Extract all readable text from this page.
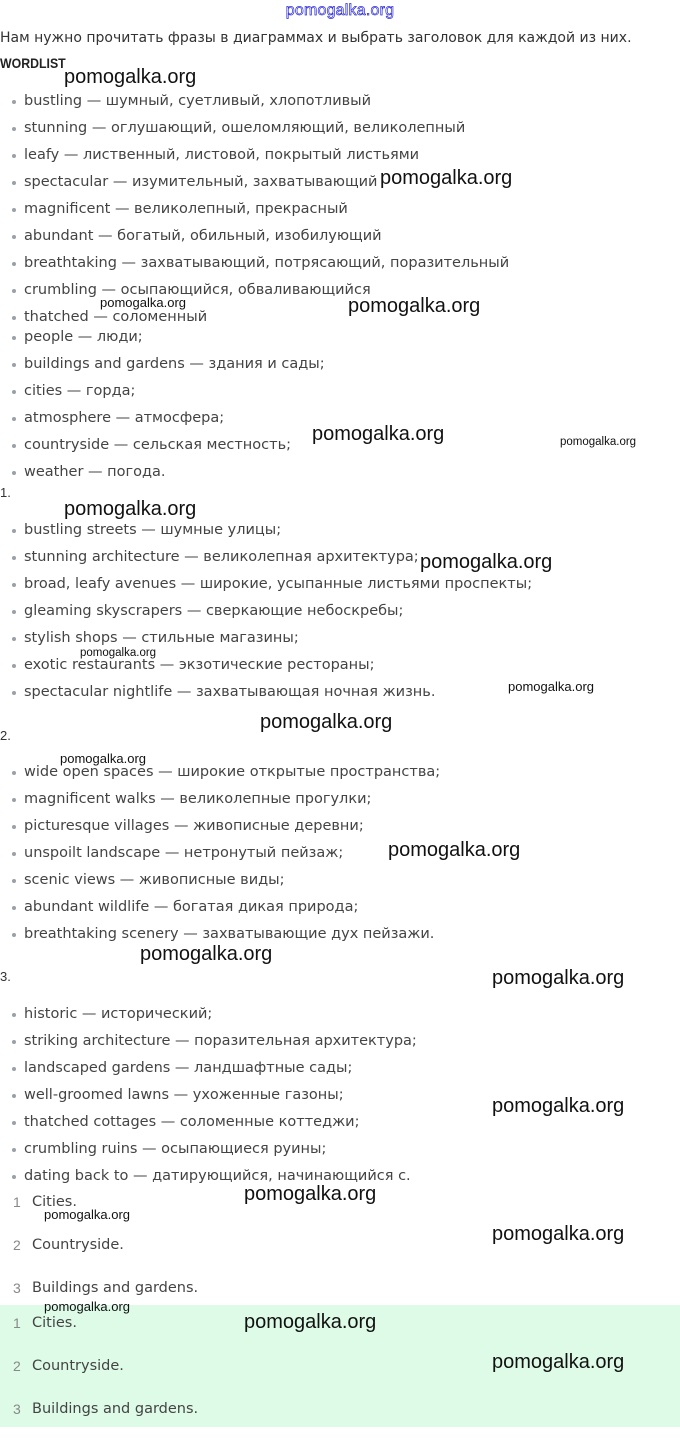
pomogalka.org
Нам нужно прочитать фразы в диаграммах и выбрать заголовок для каждой из них.
WORDLIST
bustling — шумный, суетливый, хлопотливый
stunning — оглушающий, ошеломляющий, великолепный
leafy — лиственный, листовой, покрытый листьями
spectacular — изумительный, захватывающий
magnificent — великолепный, прекрасный
abundant — богатый, обильный, изобилующий
breathtaking — захватывающий, потрясающий, поразительный
crumbling — осыпающийся, обваливающийся
thatched — соломенный
people — люди;
buildings and gardens — здания и сады;
cities — горда;
atmosphere — атмосфера;
countryside — сельская местность;
weather — погода.
1.
bustling streets — шумные улицы;
stunning architecture — великолепная архитектура;
broad, leafy avenues — широкие, усыпанные листьями проспекты;
gleaming skyscrapers — сверкающие небоскребы;
stylish shops — стильные магазины;
exotic restaurants — экзотические рестораны;
spectacular nightlife — захватывающая ночная жизнь.
2.
wide open spaces — широкие открытые пространства;
magnificent walks — великолепные прогулки;
picturesque villages — живописные деревни;
unspoilt landscape — нетронутый пейзаж;
scenic views — живописные виды;
abundant wildlife — богатая дикая природа;
breathtaking scenery — захватывающие дух пейзажи.
3.
historic — исторический;
striking architecture — поразительная архитектура;
landscaped gardens — ландшафтные сады;
well-groomed lawns — ухоженные газоны;
thatched cottages — соломенные коттеджи;
crumbling ruins — осыпающиеся руины;
dating back to — датирующийся, начинающийся с.
1 Cities.
2 Countryside.
3 Buildings and gardens.
1 Cities.
2 Countryside.
3 Buildings and gardens.
pomogalka.org
pomogalka.org
pomogalka.org	pomogalka.org
pomogalka.org	pomogalka.org
pomogalka.org
pomogalka.org
pomogalka.org
pomogalka.org
pomogalka.org
pomogalka.org
pomogalka.org
pomogalka.org
pomogalka.org
pomogalka.org
pomogalka.org
pomogalka.org
pomogalka.org
pomogalka.org
pomogalka.org
pomogalka.org
